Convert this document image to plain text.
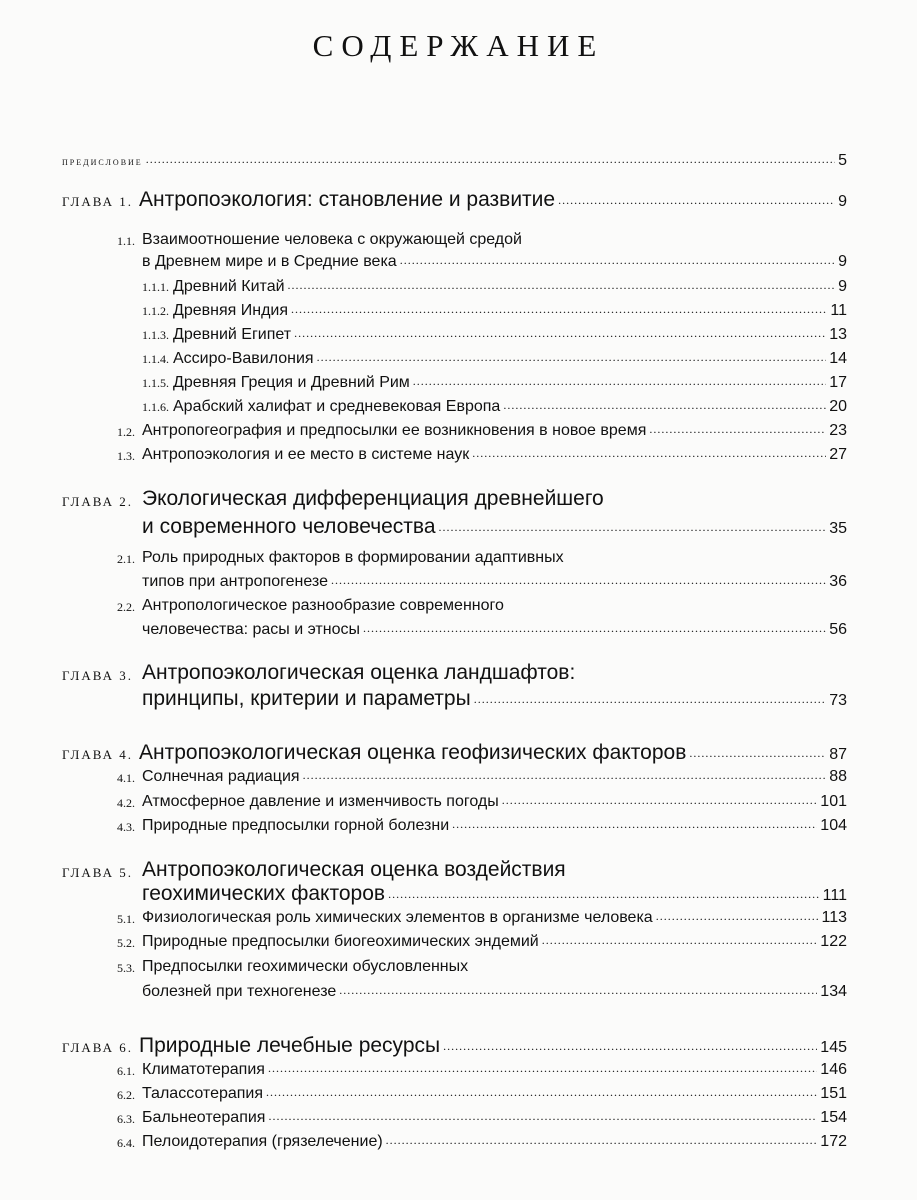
СОДЕРЖАНИЕ
предисловие . . .	5
ГЛАВА 1. Антропоэкология: становление и развитие . . .	9
1.1. Взаимоотношение человека с окружающей средой
в Древнем мире и в Средние века . . .	9
1.1.1. Древний Китай . . .	9
1.1.2. Древняя Индия . . .	11
1.1.3. Древний Египет . . .	13
1.1.4. Ассиро-Вавилония . . .	14
1.1.5. Древняя Греция и Древний Рим . . .	17
1.1.6. Арабский халифат и средневековая Европа . . .	20
1.2. Антропогеография и предпосылки ее возникновения в новое время . . .	23
1.3. Антропоэкология и ее место в системе наук . . .	27
ГЛАВА 2. Экологическая дифференциация древнейшего
и современного человечества . . .	35
2.1. Роль природных факторов в формировании адаптивных
типов при антропогенезе . . .	36
2.2. Антропологическое разнообразие современного
человечества: расы и этносы . . .	56
ГЛАВА 3. Антропоэкологическая оценка ландшафтов:
принципы, критерии и параметры . . .	73
ГЛАВА 4. Антропоэкологическая оценка геофизических факторов . . .	87
4.1. Солнечная радиация . . .	88
4.2. Атмосферное давление и изменчивость погоды . . .	101
4.3. Природные предпосылки горной болезни . . .	104
ГЛАВА 5. Антропоэкологическая оценка воздействия
геохимических факторов . . .	111
5.1. Физиологическая роль химических элементов в организме человека . . .	113
5.2. Природные предпосылки биогеохимических эндемий . . .	122
5.3. Предпосылки геохимически обусловленных
болезней при техногенезе . . .	134
ГЛАВА 6. Природные лечебные ресурсы . . .	145
6.1. Климатотерапия . . .	146
6.2. Талассотерапия . . .	151
6.3. Бальнеотерапия . . .	154
6.4. Пелоидотерапия (грязелечение) . . .	172
